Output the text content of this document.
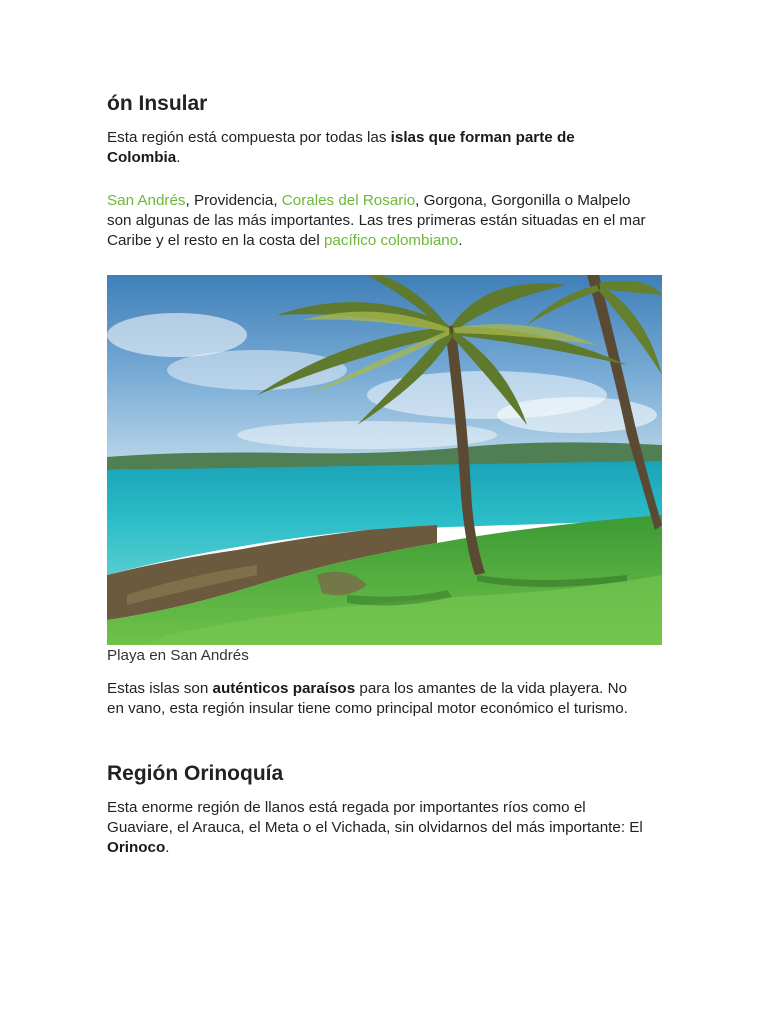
ón Insular

Esta región está compuesta por todas las islas que forman parte de Colombia.

San Andrés, Providencia, Corales del Rosario, Gorgona, Gorgonilla o Malpelo son algunas de las más importantes. Las tres primeras están situadas en el mar Caribe y el resto en la costa del pacífico colombiano.

Playa en San Andrés

Estas islas son auténticos paraísos para los amantes de la vida playera. No en vano, esta región insular tiene como principal motor económico el turismo.

Región Orinoquía

Esta enorme región de llanos está regada por importantes ríos como el Guaviare, el Arauca, el Meta o el Vichada, sin olvidarnos del más importante: El Orinoco.
